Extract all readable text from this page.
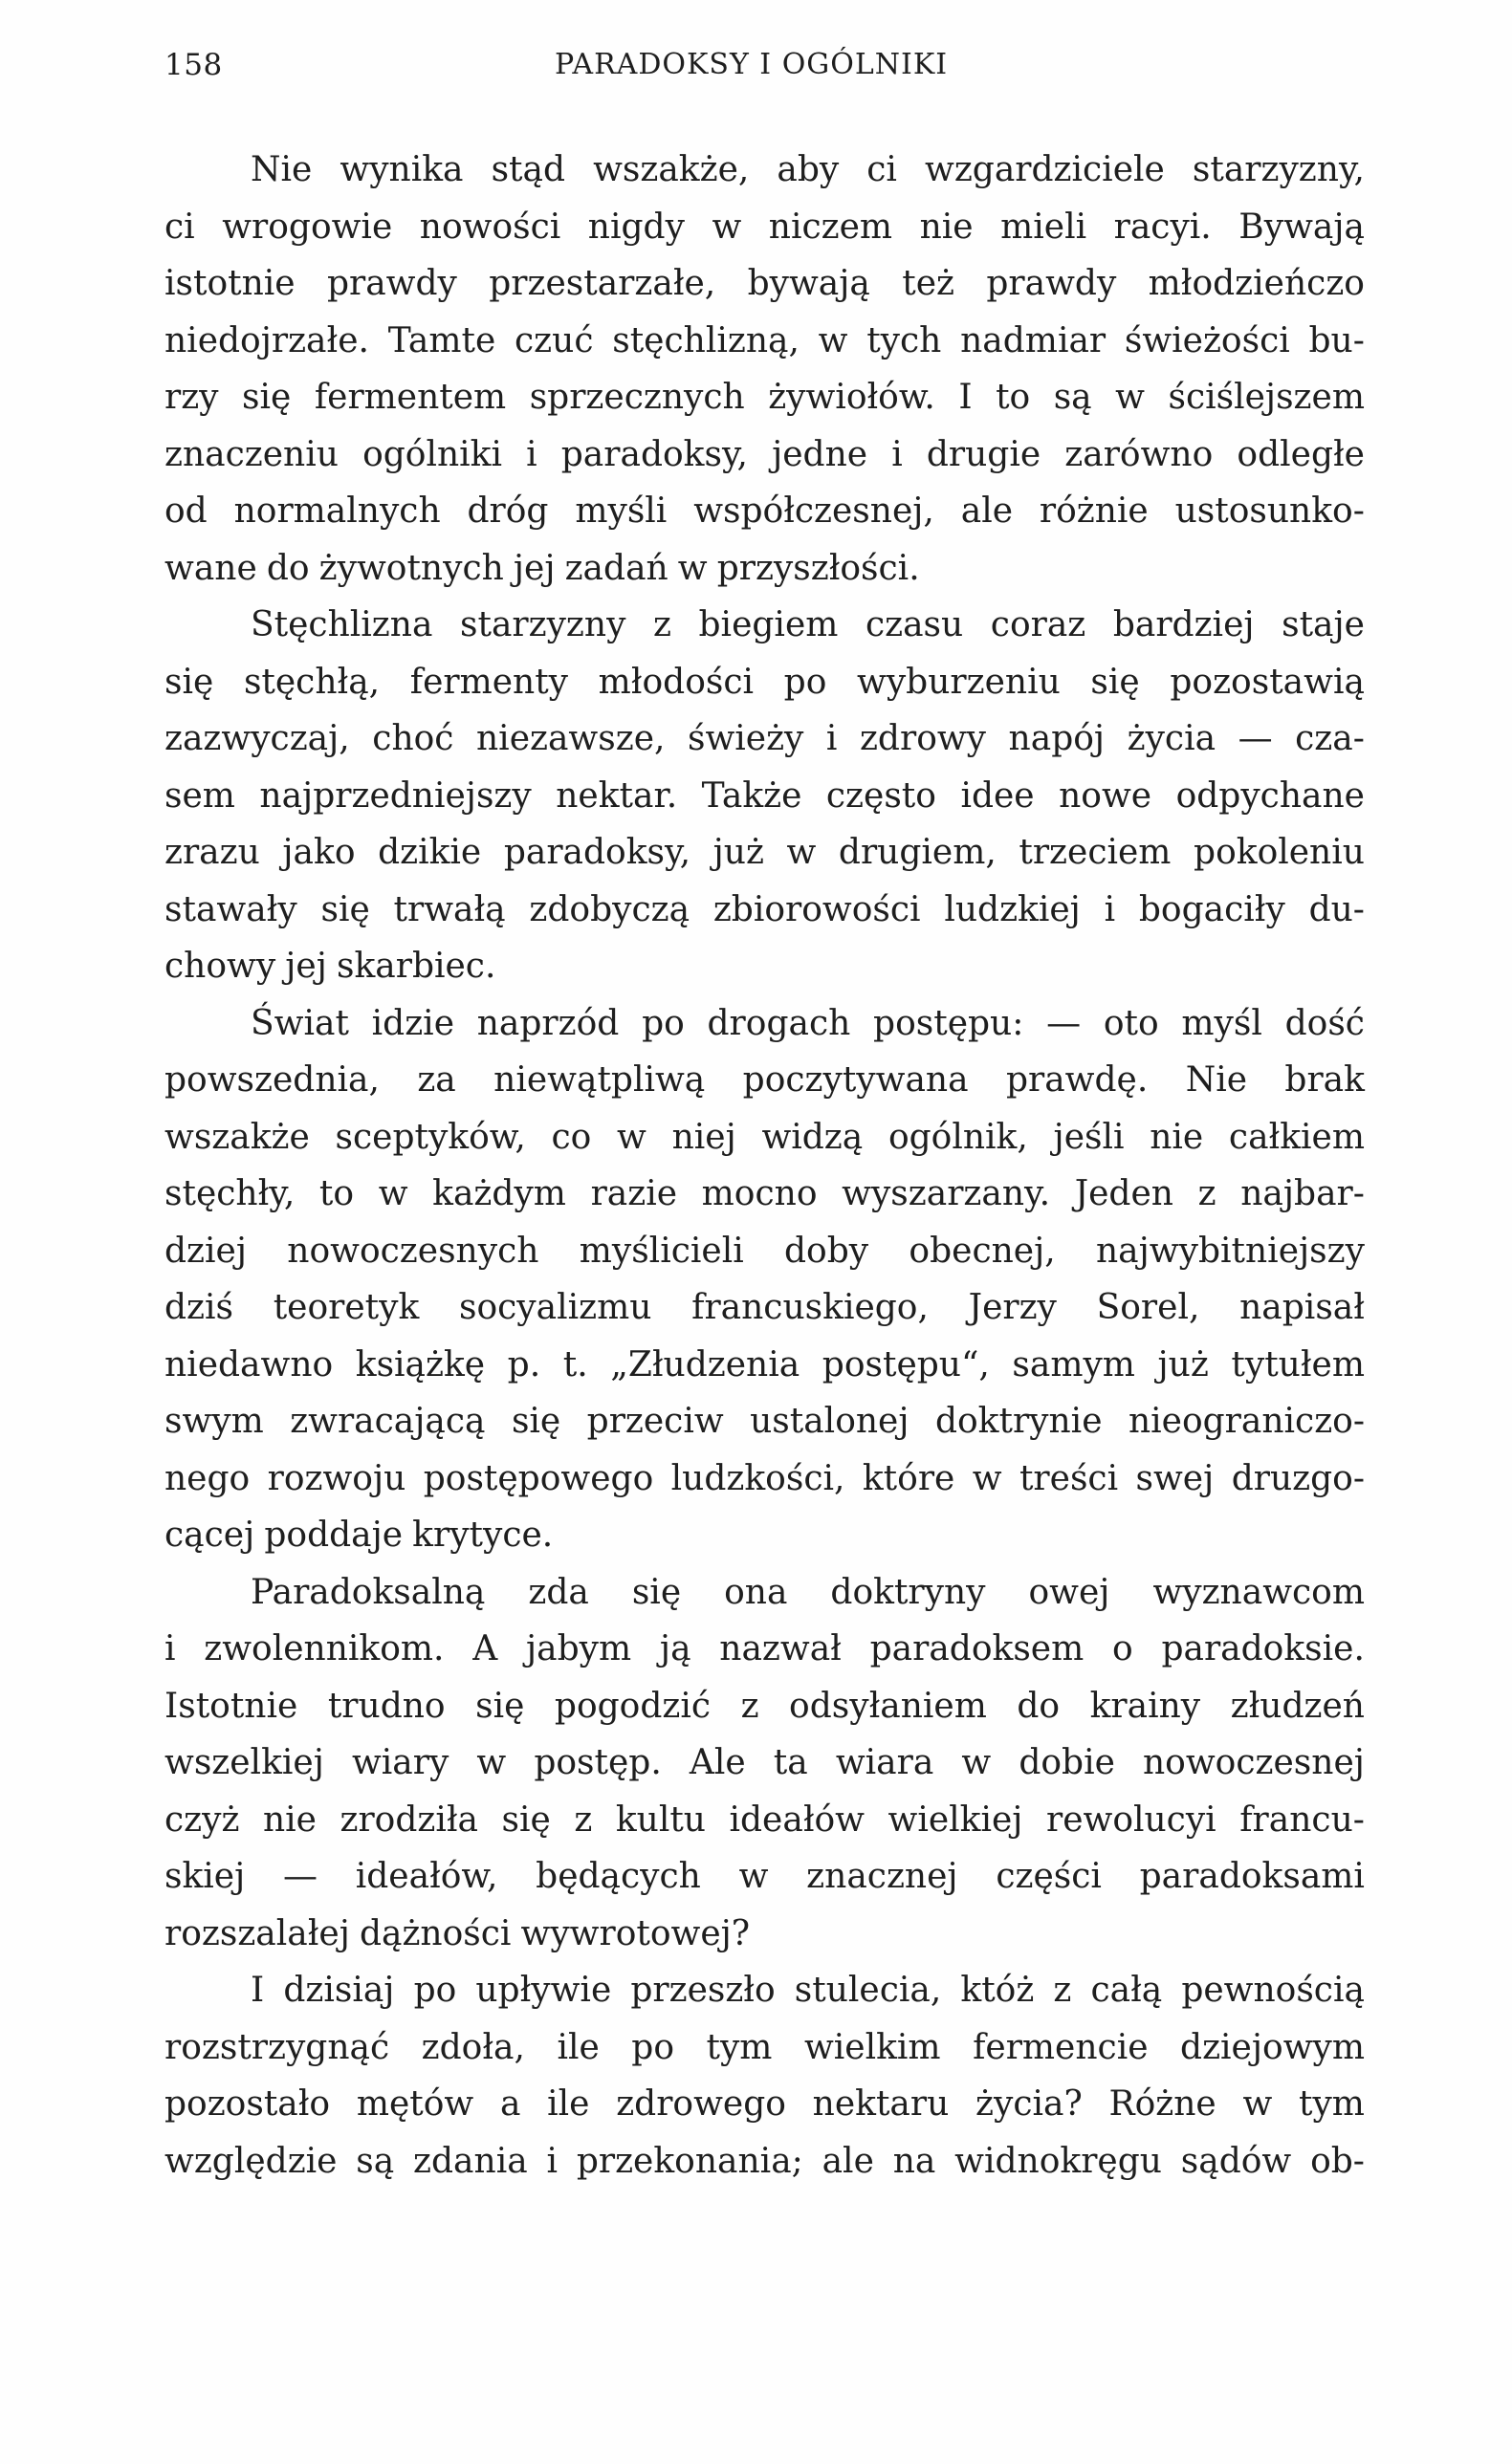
158	PARADOKSY I OGÓLNIKI
Nie wynika stąd wszakże, aby ci wzgardziciele starzyzny,
ci wrogowie nowości nigdy w niczem nie mieli racyi. Bywają
istotnie prawdy przestarzałe, bywają też prawdy młodzieńczo
niedojrzałe. Tamte czuć stęchlizną, w tych nadmiar świeżości bu-
rzy się fermentem sprzecznych żywiołów. I to są w ściślejszem
znaczeniu ogólniki i paradoksy, jedne i drugie zarówno odległe
od normalnych dróg myśli współczesnej, ale różnie ustosunko-
wane do żywotnych jej zadań w przyszłości.
Stęchlizna starzyzny z biegiem czasu coraz bardziej staje
się stęchłą, fermenty młodości po wyburzeniu się pozostawią
zazwyczaj, choć niezawsze, świeży i zdrowy napój życia — cza-
sem najprzedniejszy nektar. Także często idee nowe odpychane
zrazu jako dzikie paradoksy, już w drugiem, trzeciem pokoleniu
stawały się trwałą zdobyczą zbiorowości ludzkiej i bogaciły du-
chowy jej skarbiec.
Świat idzie naprzód po drogach postępu: — oto myśl dość
powszednia, za niewątpliwą poczytywana prawdę. Nie brak
wszakże sceptyków, co w niej widzą ogólnik, jeśli nie całkiem
stęchły, to w każdym razie mocno wyszarzany. Jeden z najbar-
dziej nowoczesnych myślicieli doby obecnej, najwybitniejszy
dziś teoretyk socyalizmu francuskiego, Jerzy Sorel, napisał
niedawno książkę p. t. „Złudzenia postępu“, samym już tytułem
swym zwracającą się przeciw ustalonej doktrynie nieograniczo-
nego rozwoju postępowego ludzkości, które w treści swej druzgo-
cącej poddaje krytyce.
Paradoksalną zda się ona doktryny owej wyznawcom
i zwolennikom. A jabym ją nazwał paradoksem o paradoksie.
Istotnie trudno się pogodzić z odsyłaniem do krainy złudzeń
wszelkiej wiary w postęp. Ale ta wiara w dobie nowoczesnej
czyż nie zrodziła się z kultu ideałów wielkiej rewolucyi francu-
skiej — ideałów, będących w znacznej części paradoksami
rozszalałej dążności wywrotowej?
I dzisiaj po upływie przeszło stulecia, któż z całą pewnością
rozstrzygnąć zdoła, ile po tym wielkim fermencie dziejowym
pozostało mętów a ile zdrowego nektaru życia? Różne w tym
względzie są zdania i przekonania; ale na widnokręgu sądów ob-
